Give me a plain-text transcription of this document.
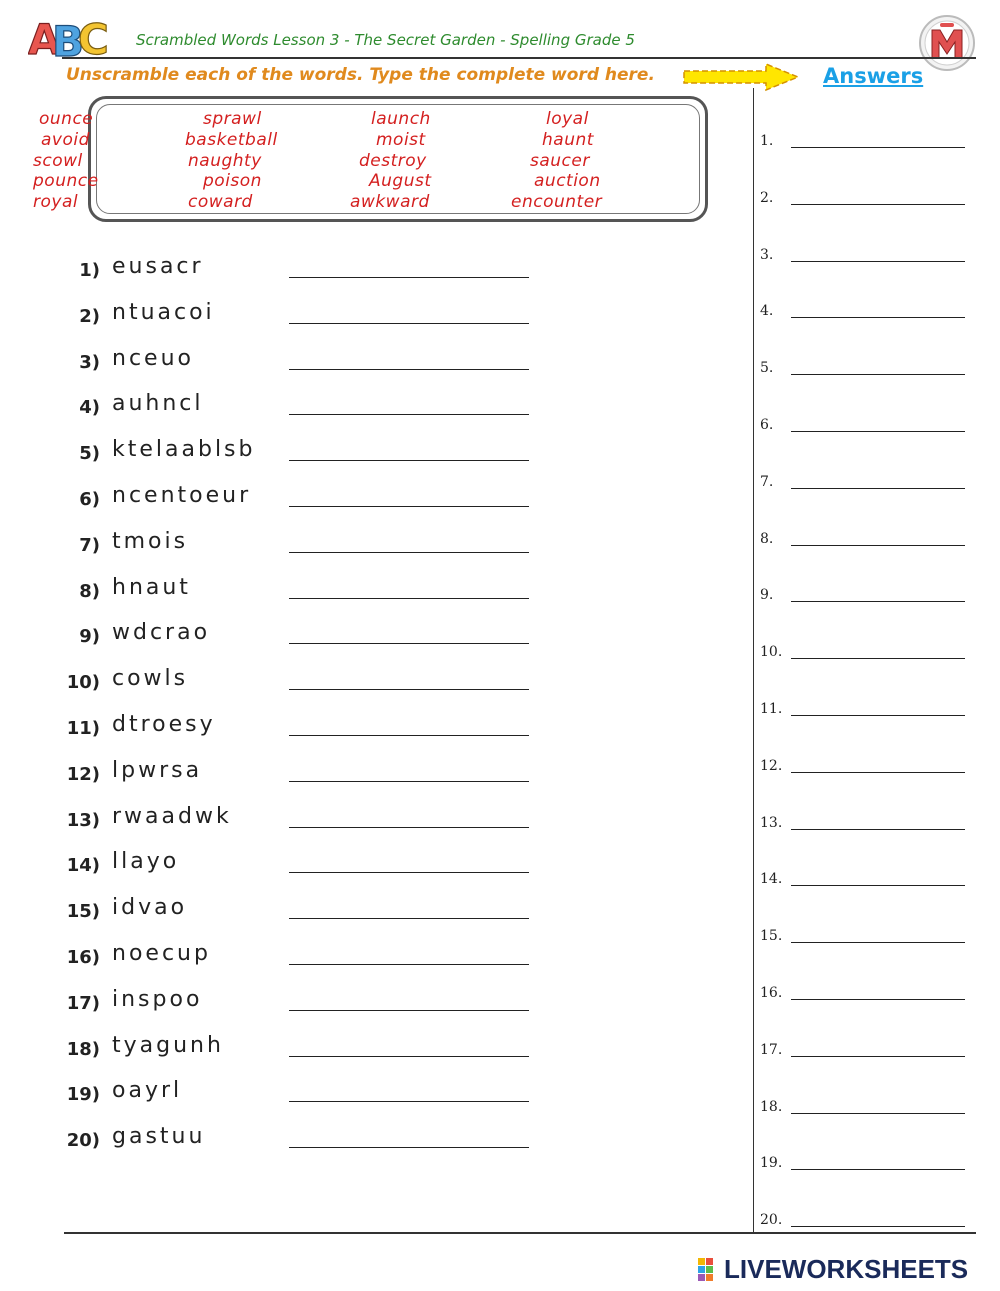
A
B
C Scrambled Words Lesson 3 - The Secret Garden - Spelling Grade 5
Unscramble each of the words. Type the complete word here.	Answers
ounce
avoid
scowl
pounce
royal
sprawl
basketball
naughty
poison
coward
launch
moist
destroy
August
awkward
loyal
haunt
saucer
auction
encounter
1) eusacr
2) ntuacoi
3) nceuo
4) auhncl
5) ktelaablsb
6) ncentoeur
7) tmois
8) hnaut
9) wdcrao
10) cowls
11) dtroesy
12) lpwrsa
13) rwaadwk
14) llayo
15) idvao
16) noecup
17) inspoo
18) tyagunh
19) oayrl
20) gastuu
1.
2.
3.
4.
5.
6.
7.
8.
9.
10.
11.
12.
13.
14.
15.
16.
17.
18.
19.
20.
LIVEWORKSHEETS
